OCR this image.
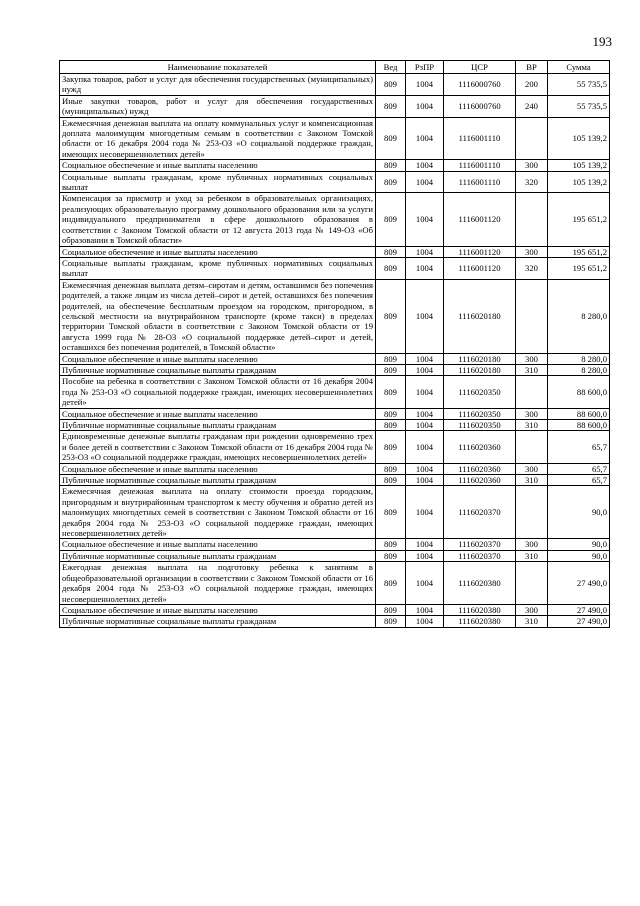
193
Наименование показателей	Вед	РзПР	ЦСР	ВР	Сумма
Закупка товаров, работ и услуг для обеспечения государственных (муниципальных) нужд	809	1004	1116000760	200	55 735,5
Иные закупки товаров, работ и услуг для обеспечения государственных (муниципальных) нужд	809	1004	1116000760	240	55 735,5
Ежемесячная денежная выплата на оплату коммунальных услуг и компенсационная доплата малоимущим многодетным семьям в соответствии с Законом Томской области от 16 декабря 2004 года № 253-ОЗ «О социальной поддержке граждан, имеющих несовершеннолетних детей»	809	1004	1116001110		105 139,2
Социальное обеспечение и иные выплаты населению	809	1004	1116001110	300	105 139,2
Социальные выплаты гражданам, кроме публичных нормативных социальных выплат	809	1004	1116001110	320	105 139,2
Компенсация за присмотр и уход за ребенком в образовательных организациях, реализующих образовательную программу дошкольного образования или за услуги индивидуального предпринимателя в сфере дошкольного образования в соответствии с Законом Томской области от 12 августа 2013 года № 149-ОЗ «Об образовании в Томской области»	809	1004	1116001120		195 651,2
Социальное обеспечение и иные выплаты населению	809	1004	1116001120	300	195 651,2
Социальные выплаты гражданам, кроме публичных нормативных социальных выплат	809	1004	1116001120	320	195 651,2
Ежемесячная денежная выплата детям–сиротам и детям, оставшимся без попечения родителей, а также лицам из числа детей–сирот и детей, оставшихся без попечения родителей, на обеспечение бесплатным проездом на городском, пригородном, в сельской местности на внутрирайонном транспорте (кроме такси) в пределах территории Томской области в соответствии с Законом Томской области от 19 августа 1999 года № 28-ОЗ «О социальной поддержке детей–сирот и детей, оставшихся без попечения родителей, в Томской области»	809	1004	1116020180		8 280,0
Социальное обеспечение и иные выплаты населению	809	1004	1116020180	300	8 280,0
Публичные нормативные социальные выплаты гражданам	809	1004	1116020180	310	8 280,0
Пособие на ребенка в соответствии с Законом Томской области от 16 декабря 2004 года № 253-ОЗ «О социальной поддержке граждан, имеющих несовершеннолетних детей»	809	1004	1116020350		88 600,0
Социальное обеспечение и иные выплаты населению	809	1004	1116020350	300	88 600,0
Публичные нормативные социальные выплаты гражданам	809	1004	1116020350	310	88 600,0
Единовременные денежные выплаты гражданам при рождении одновременно трех и более детей в соответствии с Законом Томской области от 16 декабря 2004 года № 253-ОЗ «О социальной поддержке граждан, имеющих несовершеннолетних детей»	809	1004	1116020360		65,7
Социальное обеспечение и иные выплаты населению	809	1004	1116020360	300	65,7
Публичные нормативные социальные выплаты гражданам	809	1004	1116020360	310	65,7
Ежемесячная денежная выплата на оплату стоимости проезда городским, пригородным и внутрирайонным транспортом к месту обучения и обратно детей из малоимущих многодетных семей в соответствии с Законом Томской области от 16 декабря 2004 года № 253-ОЗ «О социальной поддержке граждан, имеющих несовершеннолетних детей»	809	1004	1116020370		90,0
Социальное обеспечение и иные выплаты населению	809	1004	1116020370	300	90,0
Публичные нормативные социальные выплаты гражданам	809	1004	1116020370	310	90,0
Ежегодная денежная выплата на подготовку ребенка к занятиям в общеобразовательной организации в соответствии с Законом Томской области от 16 декабря 2004 года № 253-ОЗ «О социальной поддержке граждан, имеющих несовершеннолетних детей»	809	1004	1116020380		27 490,0
Социальное обеспечение и иные выплаты населению	809	1004	1116020380	300	27 490,0
Публичные нормативные социальные выплаты гражданам	809	1004	1116020380	310	27 490,0
